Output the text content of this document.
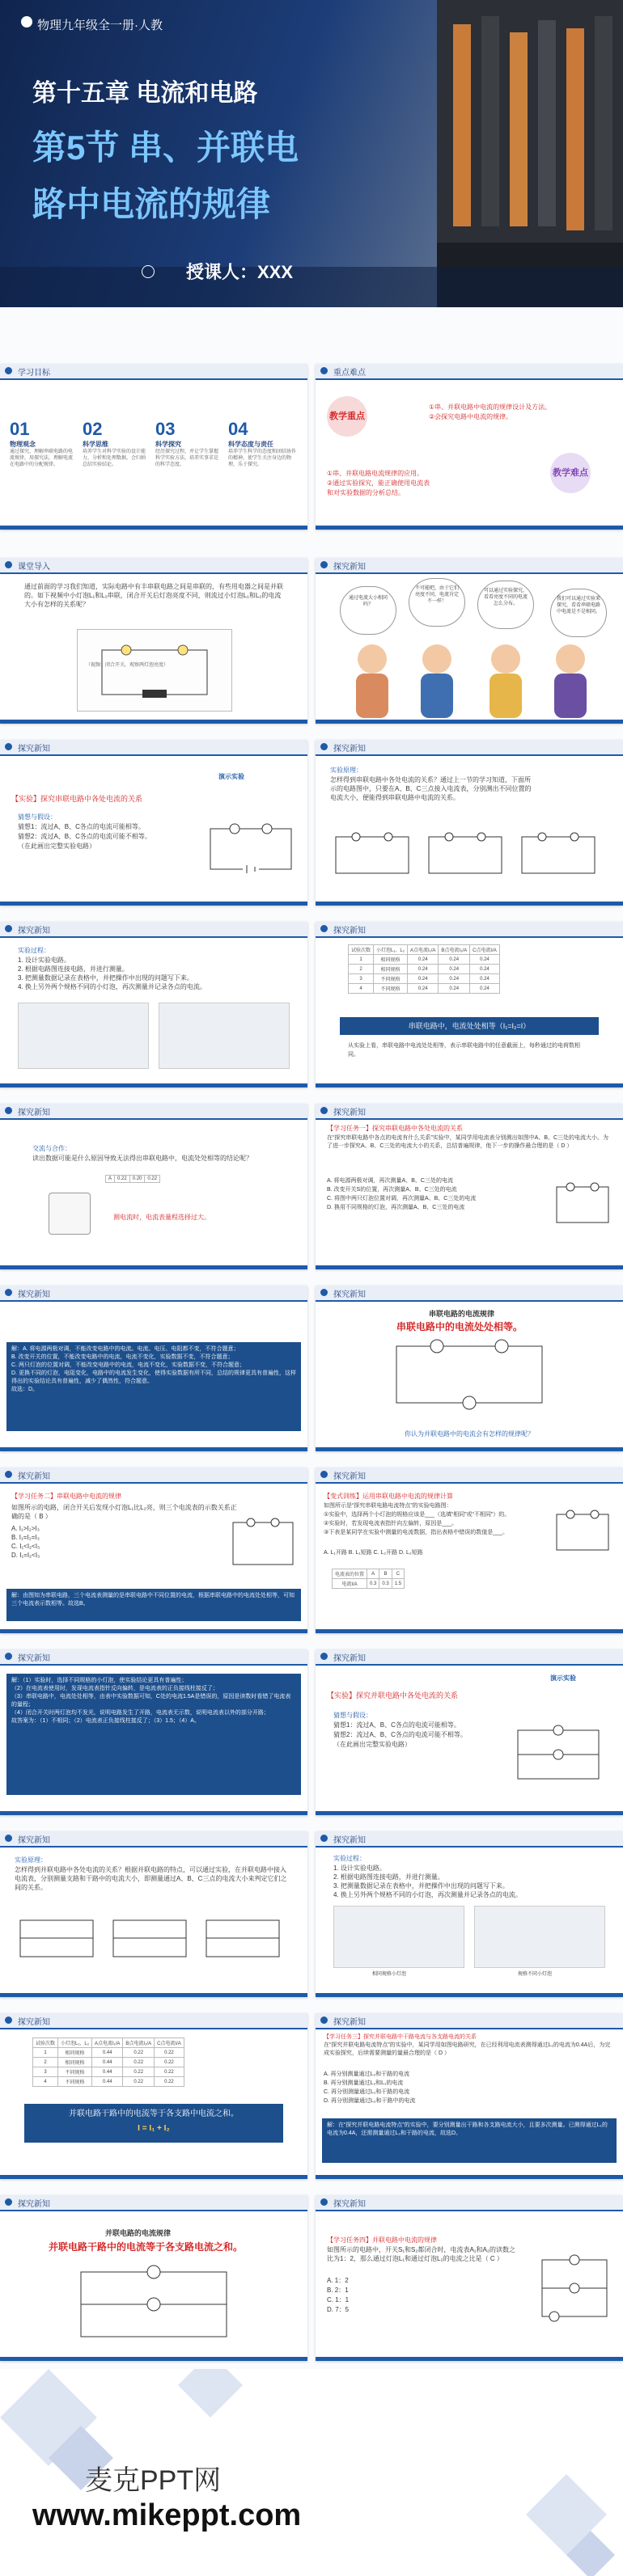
物理九年级全一册·人教
第十五章 电流和电路
第5节 串、并联电
路中电流的规律
授课人：XXX
学习目标
01
物理观念
通过探究，理解串联电路的电流规律，用探究法，理解电流在电路中的分配规律。
02
科学思维
培养学生对科学实验的设计能力，分析和处理数据，会归纳总结实验结论。
03
科学探究
经历探究过程，并让学生掌握科学实验方法，培养实事求是的科学态度。
04
科学态度与责任
培养学生科学的态度和团结协作的精神，使学生关注身边的物理，乐于探究。
重点难点
教学重点
①串、并联电路中电流的规律设计及方法。
②会探究电路中电流的规律。
教学难点
①串、并联电路电流规律的应用。
②通过实验探究，能正确使用电流表
和对实验数据的分析总结。
课堂导入
通过前面的学习我们知道，实际电路中有丰串联电路之间是串联的，有些用电器之间是并联的。如下视频中小灯泡L₁和L₂串联，闭合开关后灯泡亮度不同，则流过小灯泡L₁和L₂的电流大小有怎样的关系呢？
（视频：闭合开关，观察两灯泡亮度）
探究新知
通过电流大小相同吗？
不可能吧，由于它们亮度不同，电流肯定不一样！
可以通过实验探究，看看亮度不同的电流怎么分布。
我们可以通过实验来探究，看看串联电路中电流是不是相同。
探究新知
演示实验
【实验】探究串联电路中各处电流的关系
猜想与假设：
猜想1：流过A、B、C各点的电流可能相等。
猜想2：流过A、B、C各点的电流可能不相等。
（在此画出完整实验电路）
探究新知
实验原理：
怎样得到串联电路中各处电流的关系？通过上一节的学习知道，下面所示的电路图中，只要在A、B、C三点接入电流表，分别测出不同位置的电流大小，便能得到串联电路中电流的关系。
探究新知
实验过程：
1. 设计实验电路。
2. 根据电路图连接电路，并进行测量。
3. 把测量数据记录在表格中，并把操作中出现的问题写下来。
4. 换上另外两个规格不同的小灯泡，再次测量并记录各点的电流。
探究新知
试验次数	小灯泡L₁、L₂	A点电流I₁/A	B点电流I₂/A	C点电流I/A
1	相同规格	0.24	0.24	0.24
2	相同规格	0.24	0.24	0.24
3	不同规格	0.24	0.24	0.24
4	不同规格	0.24	0.24	0.24
串联电路中，电流处处相等（I₁=I₂=I）
从实验上看，串联电路中电流处处相等，表示串联电路中的任意截面上，每秒通过的电荷数相同。
探究新知
交流与合作：
读出数据可能是什么原因导致无法得出串联电路中，电流处处相等的结论呢？
A	0.22	0.20	0.22
测电流时，电流表量程选择过大。
探究新知
【学习任务一】探究串联电路中各处电流的关系
在“探究串联电路中各点的电流有什么关系”实验中，某同学用电流表分别测出如图中A、B、C三处的电流大小。为了进一步探究A、B、C三处的电流大小的关系，总结普遍规律，他下一步的操作最合理的是（ D ）
A. 将电源两极对调，再次测量A、B、C三处的电流
B. 改变开关S的位置，再次测量A、B、C三处的电流
C. 将图中两只灯泡位置对调，再次测量A、B、C三处的电流
D. 换用不同规格的灯泡，再次测量A、B、C三处的电流
探究新知
解：A. 将电源两极对调，不能改变电路中的电流。电流、电压、电阻都不变，不符合题意；
B. 改变开关的位置，不能改变电路中的电流，电流不变化，实验数据不变，不符合题意；
C. 两只灯泡的位置对调，不能改变电路中的电流，电流不变化，实验数据不变，不符合题意；
D. 更换不同的灯泡，电阻变化，电路中的电流发生变化，使得实验数据有所不同，总结的规律更具有普遍性，这样得出的实验结论具有普遍性，减少了偶然性，符合题意。
故选：D。
探究新知
串联电路的电流规律
串联电路中的电流处处相等。
你认为并联电路中的电流会有怎样的规律呢？
探究新知
【学习任务二】串联电路中电流的规律
如图所示的电路，闭合开关后发现小灯泡L₁比L₂亮，则三个电流表的示数关系正确的是（ B ）
A. I₁>I₂>I₃
B. I₁=I₂=I₃
C. I₁<I₂<I₃
D. I₁=I₂<I₃
解：由图知为串联电路，三个电流表测量的是串联电路中不同位置的电流，根据串联电路中的电流处处相等，可知三个电流表示数相等。故选B。
探究新知
【变式训练】运用串联电路中电流的规律计算
如图所示是“探究串联电路电流特点”的实验电路图：
①实验中，选择两个小灯泡的规格应该是___（选填“相同”或“不相同”）的。
②实验时，若发现电流表指针向左偏转，原因是___。
③下表是某同学在实验中测量的电流数据，指出表格中错误的数值是___。
A. L₁开路 B. L₁短路 C. L₂开路 D. L₂短路
电流表的位置	A	B	C
电流I/A	0.3	0.3	1.5
探究新知
解：（1）实验时，选择不同规格的小灯泡，使实验结论更具有普遍性；
（2）在电流表使用时，发现电流表指针反向偏转，是电流表的正负接线柱接反了；
（3）串联电路中，电流处处相等，由表中实验数据可知，C处的电流1.5A是错误的，原因是读数时看错了电流表的量程；
（4）闭合开关时两灯泡均不发光，说明电路发生了开路，电流表无示数，说明电流表以外的部分开路；
故答案为：（1）不相同；（2）电流表正负接线柱接反了；（3）1.5；（4）A。
探究新知
演示实验
【实验】探究并联电路中各处电流的关系
猜想与假设：
猜想1：流过A、B、C各点的电流可能相等。
猜想2：流过A、B、C各点的电流可能不相等。
（在此画出完整实验电路）
探究新知
实验原理：
怎样得到并联电路中各处电流的关系？根据并联电路的特点，可以通过实验，在并联电路中接入电流表，分别测量支路和干路中的电流大小，即测量通过A、B、C三点的电流大小来判定它们之间的关系。
探究新知
实验过程：
1. 设计实验电路。
2. 根据电路图连接电路，并进行测量。
3. 把测量数据记录在表格中，并把操作中出现的问题写下来。
4. 换上另外两个规格不同的小灯泡，再次测量并记录各点的电流。
相同规格小灯泡	规格不同小灯泡
探究新知
试验次数	小灯泡L₁、L₂	A点电流I₁/A	B点电流I₂/A	C点电流I/A
1	相同规格	0.44	0.22	0.22
2	相同规格	0.44	0.22	0.22
3	不同规格	0.44	0.22	0.22
4	不同规格	0.44	0.22	0.22
并联电路干路中的电流等于各支路中电流之和。
I = I₁ + I₂
探究新知
【学习任务三】探究并联电路中干路电流与各支路电流的关系
在“探究并联电路电流特点”的实验中，某同学用如图电路研究，在已经利用电流表测得通过L₁的电流为0.4A后，为完成实验探究，后续需要测量的量最合理的是（ D ）
A. 再分别测量通过L₂和干路的电流
B. 再分别测量通过L₂和L₁的电流
C. 再分别测量通过L₁和干路的电流
D. 再分别测量通过L₂和干路中的电流
解：在“探究并联电路电流特点”的实验中，要分别测量出干路和各支路电流大小，且要多次测量。已测得通过L₁的电流为0.4A，还需测量通过L₂和干路的电流，故选D。
探究新知
并联电路的电流规律
并联电路干路中的电流等于各支路电流之和。
探究新知
【学习任务四】并联电路中电流的规律
如图所示的电路中，开关S₁和S₂都闭合时，电流表A₁和A₂的读数之比为1：2，那么通过灯泡L₁和通过灯泡L₂的电流之比是（ C ）
A. 1：2
B. 2：1
C. 1：1
D. 7：5
麦克PPT网
www.mikeppt.com
